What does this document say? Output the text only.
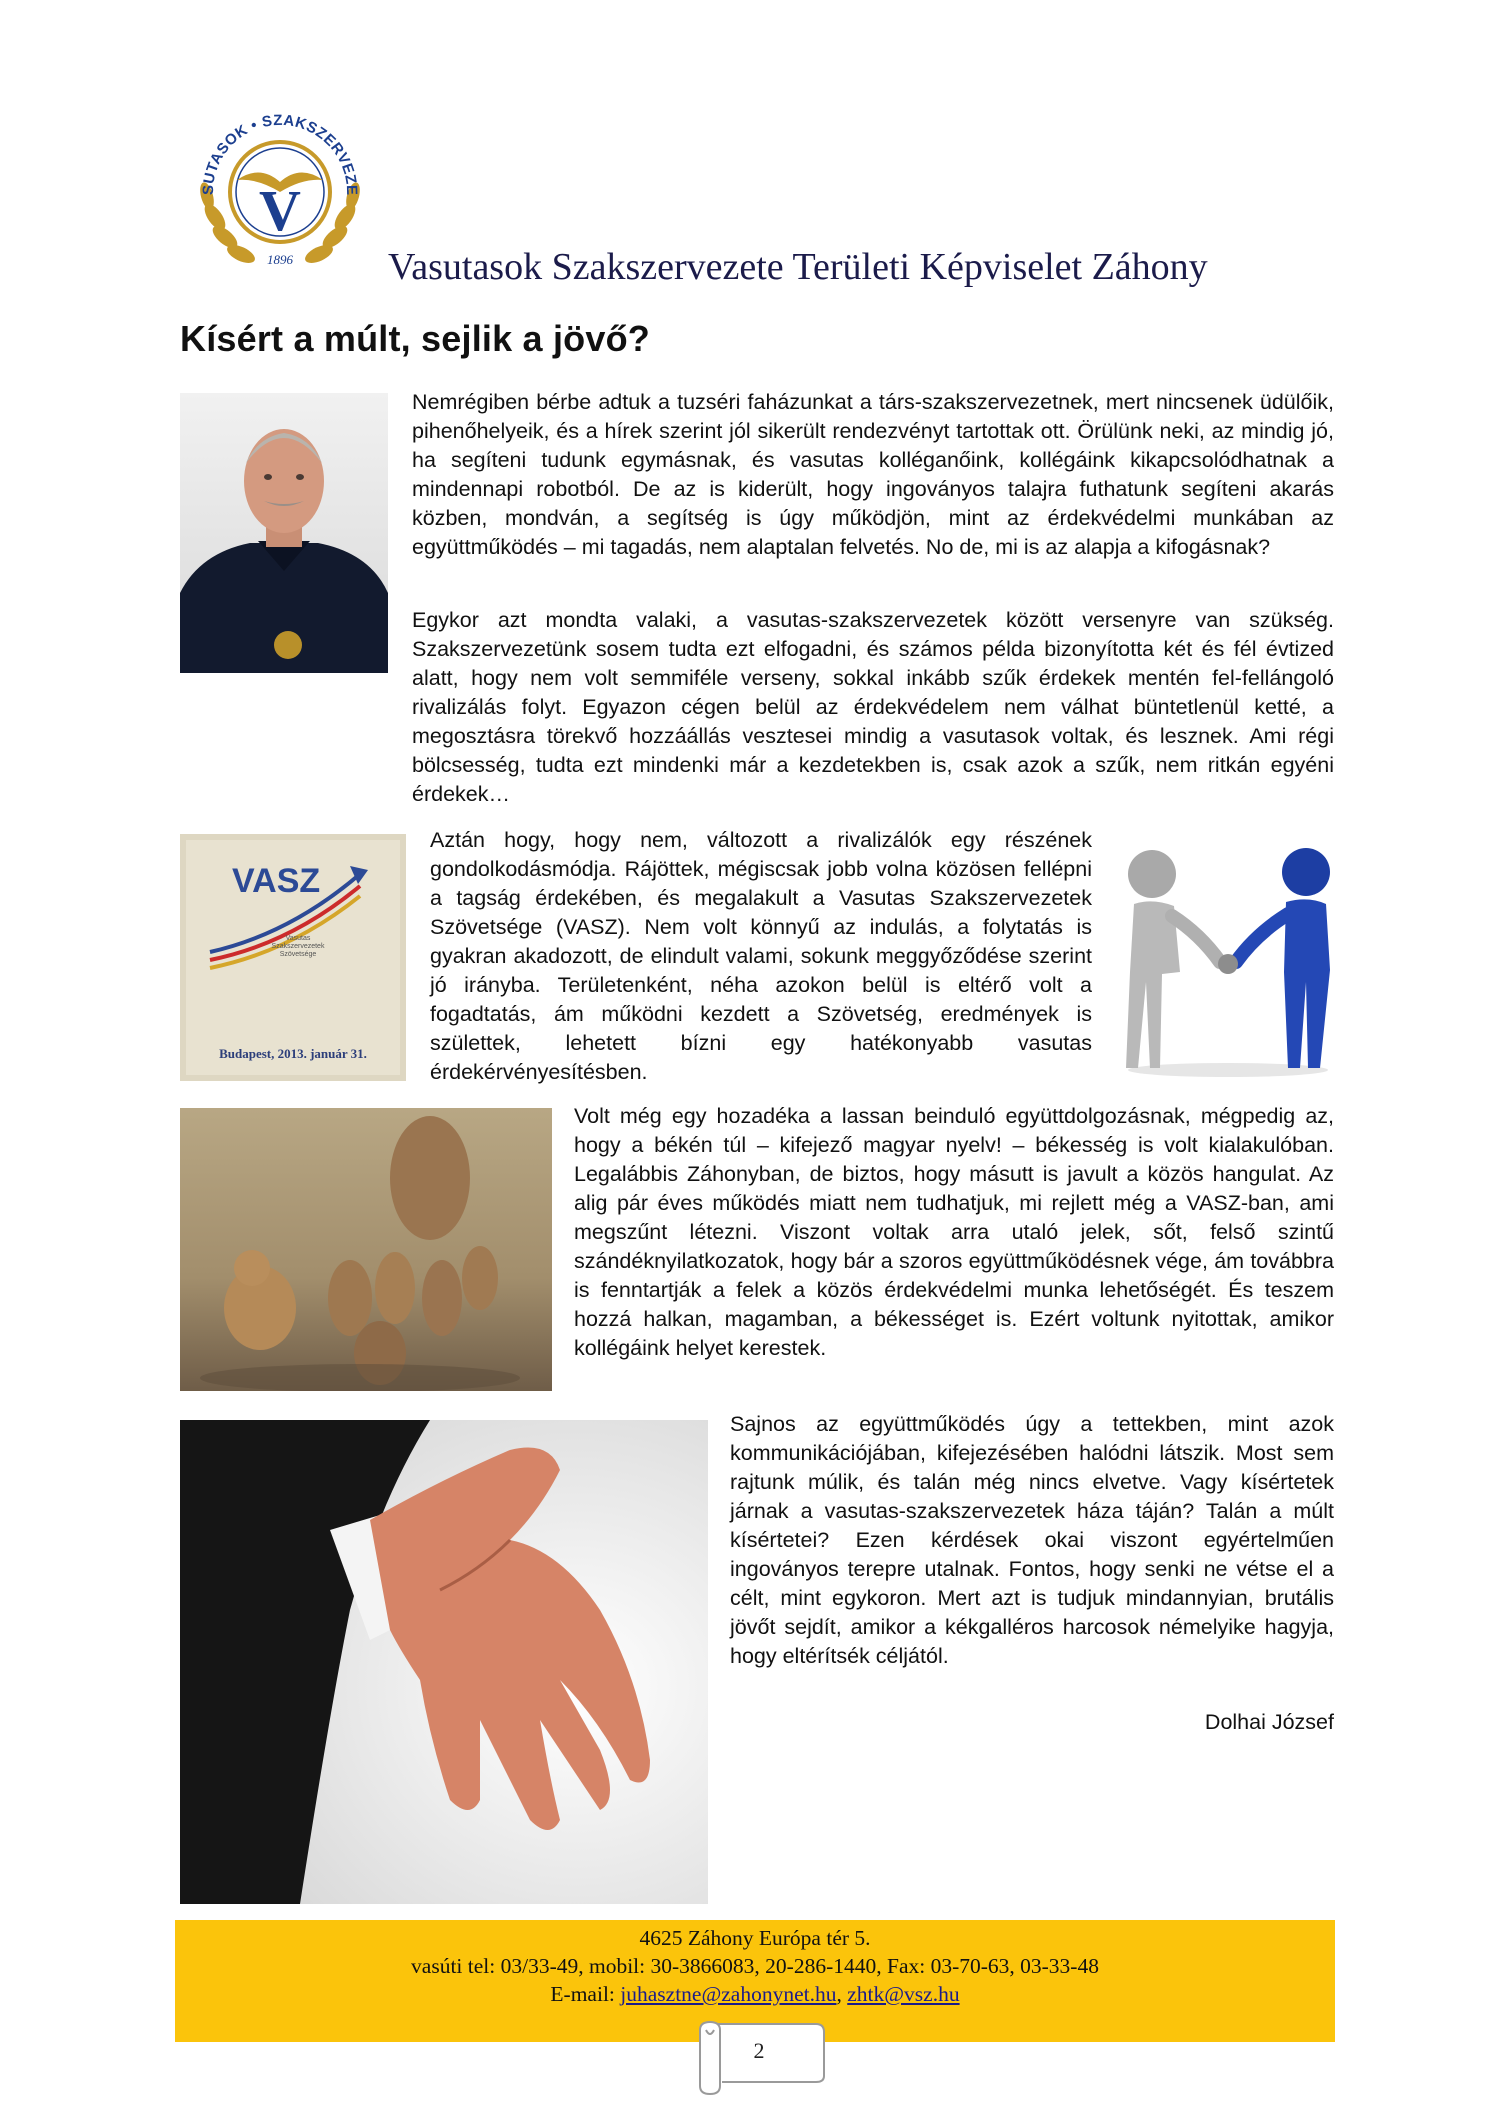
V
SUTASOK • SZAKSZERVEZE
1896	Vasutasok Szakszervezete Területi Képviselet Záhony
Kísért a múlt, sejlik a jövő?

Nemrégiben bérbe adtuk a tuzséri faházunkat a társ-szakszervezetnek, mert nincsenek üdülőik, pihenőhelyeik, és a hírek szerint jól sikerült rendezvényt tartottak ott. Örülünk neki, az mindig jó, ha segíteni tudunk egymásnak, és vasutas kolléganőink, kollégáink kikapcsolódhatnak a mindennapi robotból. De az is kiderült, hogy ingoványos talajra futhatunk segíteni akarás közben, mondván, a segítség is úgy működjön, mint az érdekvédelmi munkában az együttműködés – mi tagadás, nem alaptalan felvetés. No de, mi is az alapja a kifogásnak?

Egykor azt mondta valaki, a vasutas-szakszervezetek között versenyre van szükség. Szakszervezetünk sosem tudta ezt elfogadni, és számos példa bizonyította két és fél évtized alatt, hogy nem volt semmiféle verseny, sokkal inkább szűk érdekek mentén fel-fellángoló rivalizálás folyt. Egyazon cégen belül az érdekvédelem nem válhat büntetlenül ketté, a megosztásra törekvő hozzáállás vesztesei mindig a vasutasok voltak, és lesznek. Ami régi bölcsesség, tudta ezt mindenki már a kezdetekben is, csak azok a szűk, nem ritkán egyéni érdekek…

VASZ
Vasutas
Szakszervezetek
Szövetsége
Budapest, 2013. január 31.

Aztán hogy, hogy nem, változott a rivalizálók egy részének gondolkodásmódja. Rájöttek, mégiscsak jobb volna közösen fellépni a tagság érdekében, és megalakult a Vasutas Szakszervezetek Szövetsége (VASZ). Nem volt könnyű az indulás, a folytatás is gyakran akadozott, de elindult valami, sokunk meggyőződése szerint jó irányba. Területenként, néha azokon belül is eltérő volt a fogadtatás, ám működni kezdett a Szövetség, eredmények is születtek, lehetett bízni egy hatékonyabb vasutas érdekérvényesítésben.

Volt még egy hozadéka a lassan beinduló együttdolgozásnak, mégpedig az, hogy a békén túl – kifejező magyar nyelv! – békesség is volt kialakulóban. Legalábbis Záhonyban, de biztos, hogy másutt is javult a közös hangulat. Az alig pár éves működés miatt nem tudhatjuk, mi rejlett még a VASZ-ban, ami megszűnt létezni. Viszont voltak arra utaló jelek, sőt, felső szintű szándéknyilatkozatok, hogy bár a szoros együttműködésnek vége, ám továbbra is fenntartják a felek a közös érdekvédelmi munka lehetőségét. És teszem hozzá halkan, magamban, a békességet is. Ezért voltunk nyitottak, amikor kollégáink helyet kerestek.

Sajnos az együttműködés úgy a tettekben, mint azok kommunikációjában, kifejezésében halódni látszik. Most sem rajtunk múlik, és talán még nincs elvetve. Vagy kísértetek járnak a vasutas-szakszervezetek háza táján? Talán a múlt kísértetei? Ezen kérdések okai viszont egyértelműen ingoványos terepre utalnak. Fontos, hogy senki ne vétse el a célt, mint egykoron. Mert azt is tudjuk mindannyian, brutális jövőt sejdít, amikor a kékgalléros harcosok némelyike hagyja, hogy eltérítsék céljától.

Dolhai József
4625 Záhony Európa tér 5.
vasúti tel: 03/33-49, mobil: 30-3866083, 20-286-1440, Fax: 03-70-63, 03-33-48
E-mail: juhasztne@zahonynet.hu, zhtk@vsz.hu
2
